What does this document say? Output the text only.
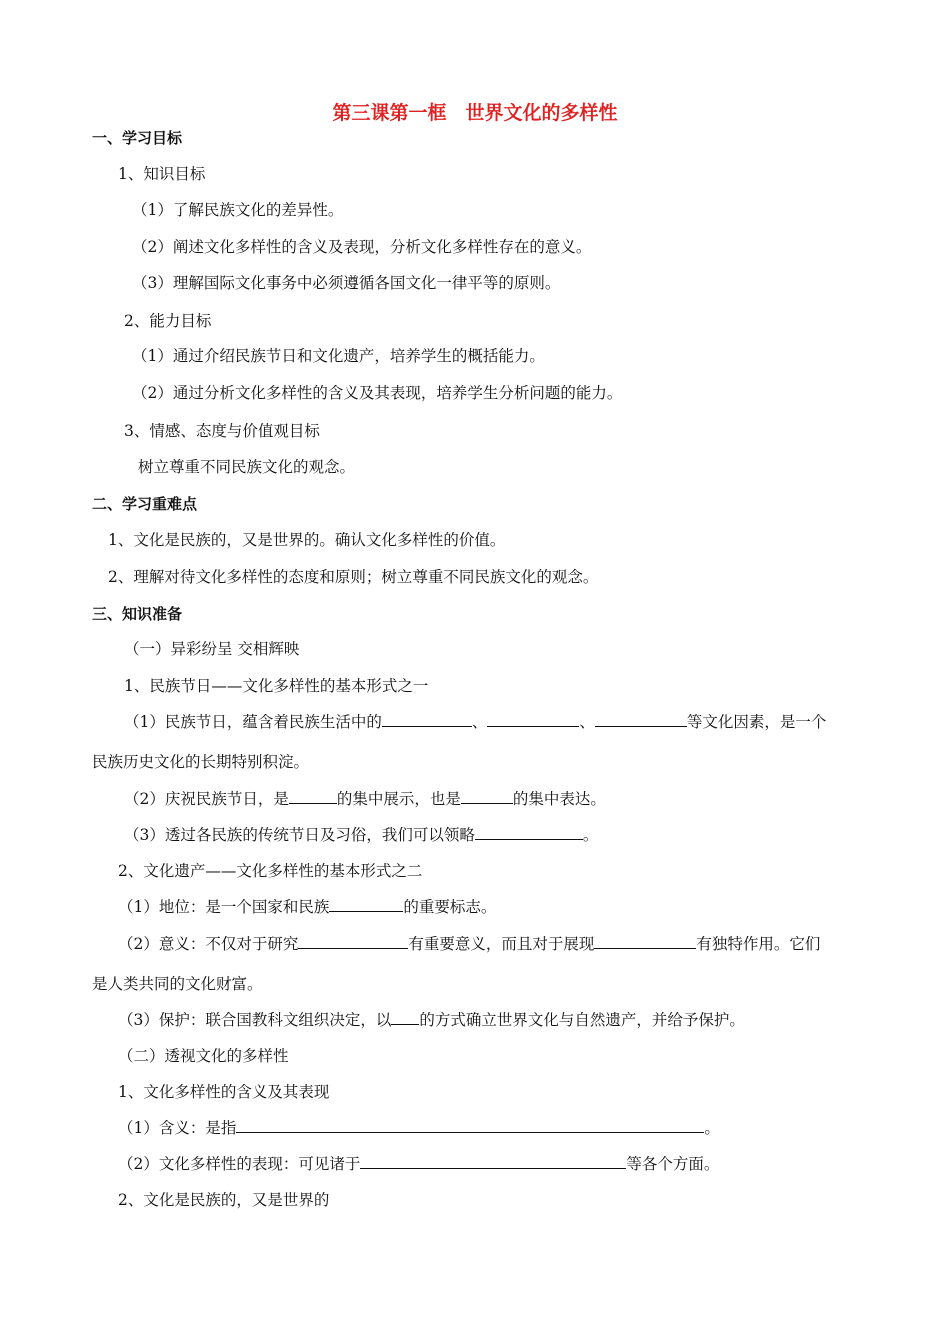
第三课第一框　世界文化的多样性
一、学习目标
1、知识目标
（1）了解民族文化的差异性。
（2）阐述文化多样性的含义及表现，分析文化多样性存在的意义。
（3）理解国际文化事务中必须遵循各国文化一律平等的原则。
2、能力目标
（1）通过介绍民族节日和文化遗产，培养学生的概括能力。
（2）通过分析文化多样性的含义及其表现，培养学生分析问题的能力。
3、情感、态度与价值观目标
树立尊重不同民族文化的观念。
二、学习重难点
1、文化是民族的，又是世界的。确认文化多样性的价值。
2、理解对待文化多样性的态度和原则；树立尊重不同民族文化的观念。
三、知识准备
（一）异彩纷呈 交相辉映
1、民族节日——文化多样性的基本形式之一
（1）民族节日，蕴含着民族生活中的	、	、	等文化因素，是一个
民族历史文化的长期特别积淀。
（2）庆祝民族节日，是	的集中展示，也是	的集中表达。
（3）透过各民族的传统节日及习俗，我们可以领略	。
2、文化遗产——文化多样性的基本形式之二
（1）地位：是一个国家和民族	的重要标志。
（2）意义：不仅对于研究	有重要意义，而且对于展现	有独特作用。它们
是人类共同的文化财富。
（3）保护：联合国教科文组织决定，以 的方式确立世界文化与自然遗产，并给予保护。
（二）透视文化的多样性
1、文化多样性的含义及其表现
（1）含义：是指	。
（2）文化多样性的表现：可见诸于	等各个方面。
2、文化是民族的，又是世界的
